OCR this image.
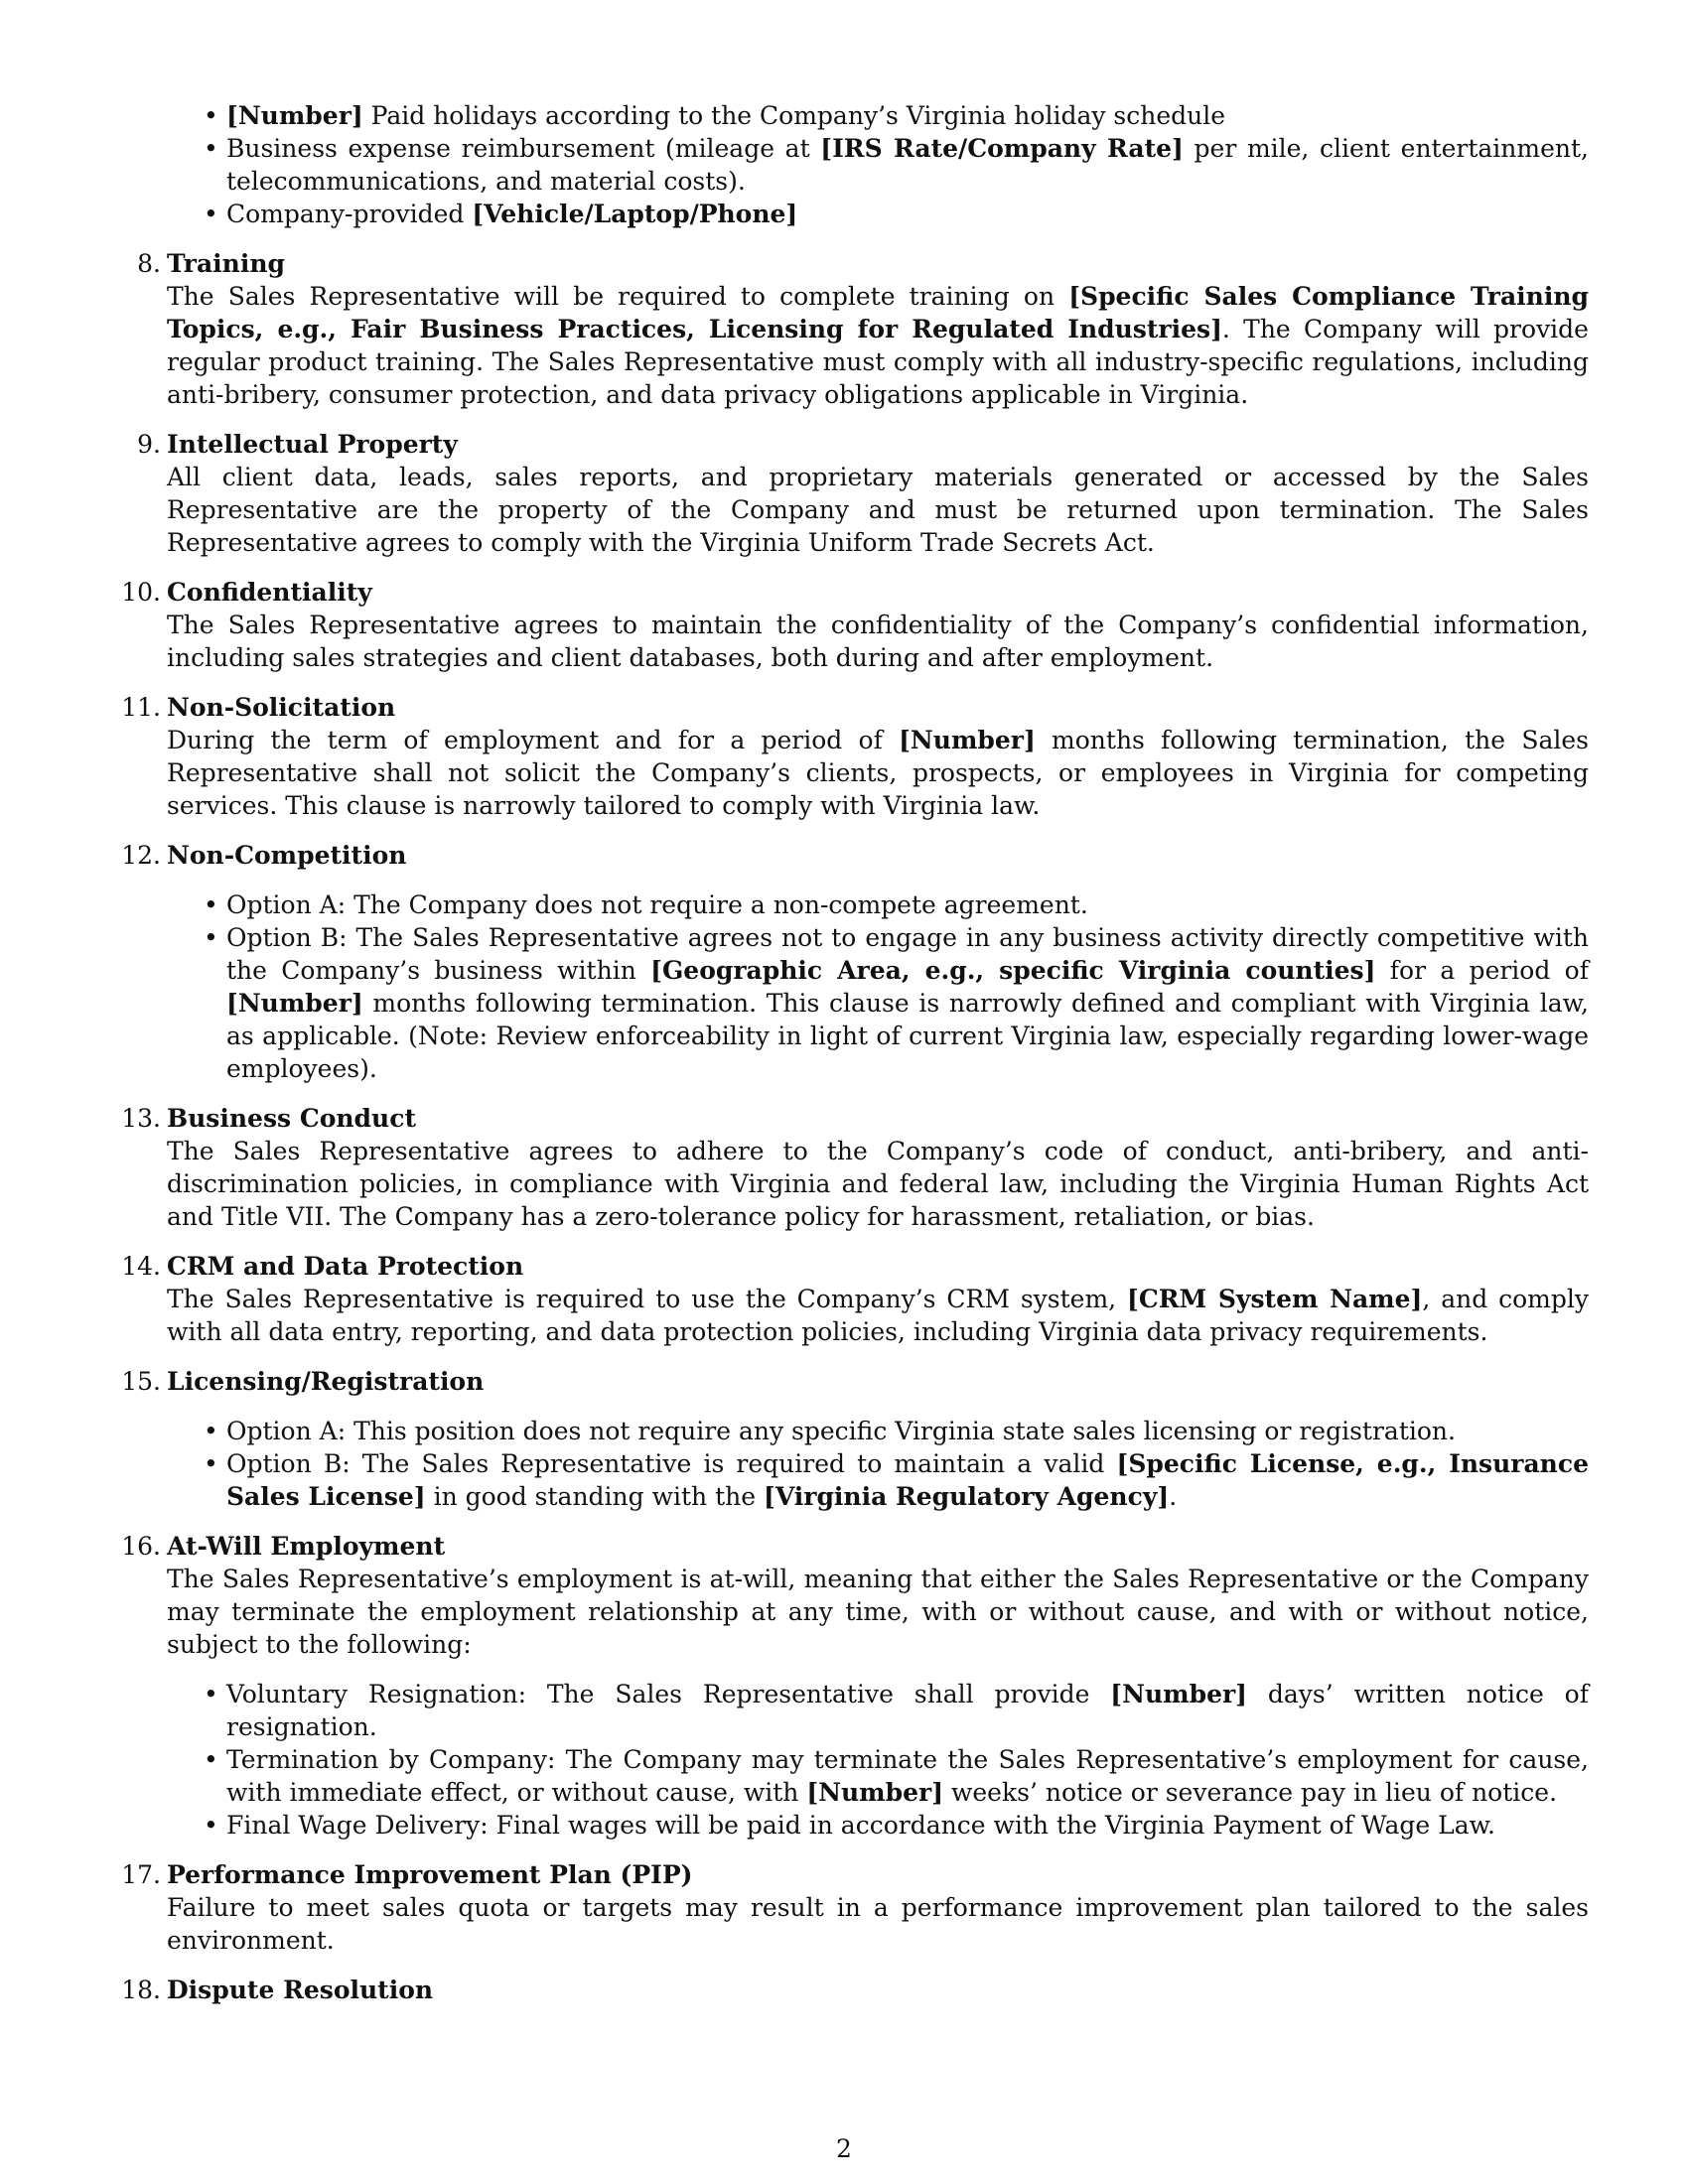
• [Number] Paid holidays according to the Company’s Virginia holiday schedule
• Business expense reimbursement (mileage at [IRS Rate/Company Rate] per mile, client entertainment, telecommunications, and material costs).
• Company-provided [Vehicle/Laptop/Phone]
8. Training

The Sales Representative will be required to complete training on [Specific Sales Compliance Training Topics, e.g., Fair Business Practices, Licensing for Regulated Industries]. The Company will provide regular product training. The Sales Representative must comply with all industry-specific regulations, including anti-bribery, consumer protection, and data privacy obligations applicable in Virginia.

9. Intellectual Property

All client data, leads, sales reports, and proprietary materials generated or accessed by the Sales Representative are the property of the Company and must be returned upon termination. The Sales Representative agrees to comply with the Virginia Uniform Trade Secrets Act.

10. Confidentiality

The Sales Representative agrees to maintain the confidentiality of the Company’s confidential information, including sales strategies and client databases, both during and after employment.

11. Non-Solicitation

During the term of employment and for a period of [Number] months following termination, the Sales Representative shall not solicit the Company’s clients, prospects, or employees in Virginia for competing services. This clause is narrowly tailored to comply with Virginia law.

12. Non-Competition
• Option A: The Company does not require a non-compete agreement.
• Option B: The Sales Representative agrees not to engage in any business activity directly competitive with the Company’s business within [Geographic Area, e.g., specific Virginia counties] for a period of [Number] months following termination. This clause is narrowly defined and compliant with Virginia law, as applicable. (Note: Review enforceability in light of current Virginia law, especially regarding lower-wage employees).
13. Business Conduct

The Sales Representative agrees to adhere to the Company’s code of conduct, anti-bribery, and anti-discrimination policies, in compliance with Virginia and federal law, including the Virginia Human Rights Act and Title VII. The Company has a zero-tolerance policy for harassment, retaliation, or bias.

14. CRM and Data Protection

The Sales Representative is required to use the Company’s CRM system, [CRM System Name], and comply with all data entry, reporting, and data protection policies, including Virginia data privacy requirements.

15. Licensing/Registration
• Option A: This position does not require any specific Virginia state sales licensing or registration.
• Option B: The Sales Representative is required to maintain a valid [Specific License, e.g., Insurance Sales License] in good standing with the [Virginia Regulatory Agency].
16. At-Will Employment

The Sales Representative’s employment is at-will, meaning that either the Sales Representative or the Company may terminate the employment relationship at any time, with or without cause, and with or without notice, subject to the following:

• Voluntary Resignation: The Sales Representative shall provide [Number] days’ written notice of resignation.
• Termination by Company: The Company may terminate the Sales Representative’s employment for cause, with immediate effect, or without cause, with [Number] weeks’ notice or severance pay in lieu of notice.
• Final Wage Delivery: Final wages will be paid in accordance with the Virginia Payment of Wage Law.
17. Performance Improvement Plan (PIP)

Failure to meet sales quota or targets may result in a performance improvement plan tailored to the sales environment.

18. Dispute Resolution
2
